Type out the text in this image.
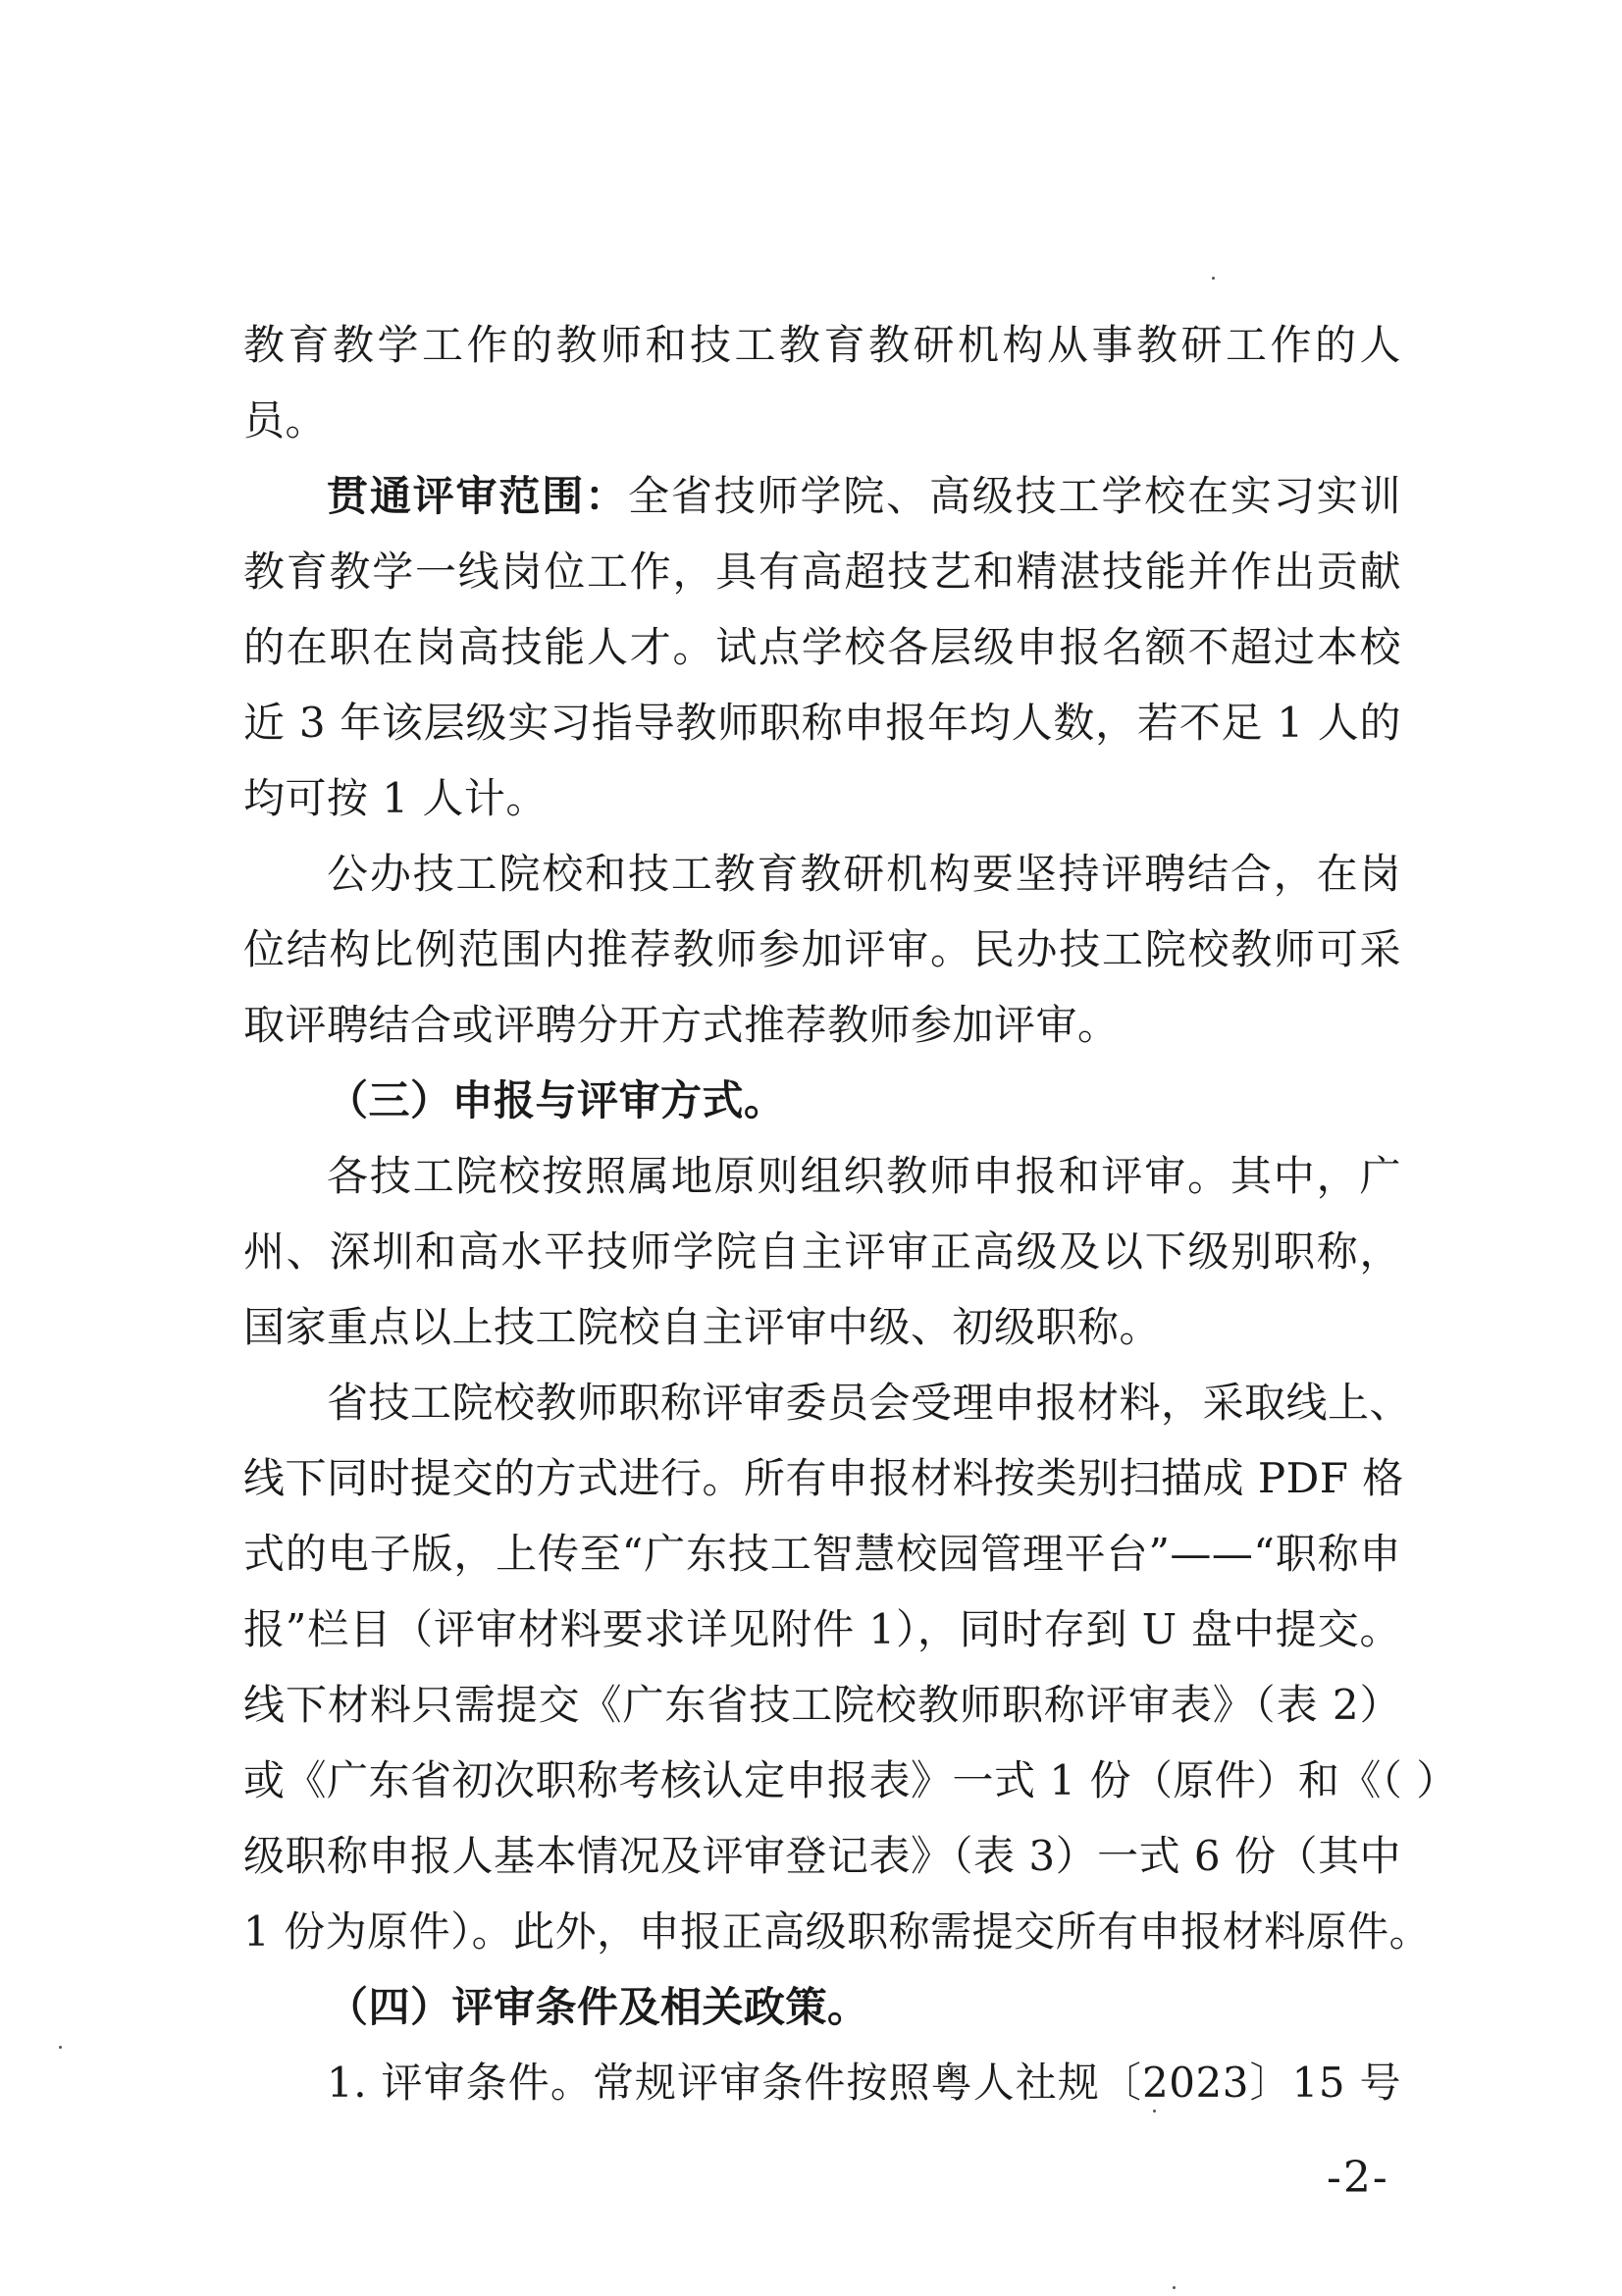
教育教学工作的教师和技工教育教研机构从事教研工作的人
员。
贯通评审范围：全省技师学院、高级技工学校在实习实训
教育教学一线岗位工作，具有高超技艺和精湛技能并作出贡献
的在职在岗高技能人才。试点学校各层级申报名额不超过本校
近 3 年该层级实习指导教师职称申报年均人数，若不足 1 人的
均可按 1 人计。
公办技工院校和技工教育教研机构要坚持评聘结合，在岗
位结构比例范围内推荐教师参加评审。民办技工院校教师可采
取评聘结合或评聘分开方式推荐教师参加评审。
（三）申报与评审方式。
各技工院校按照属地原则组织教师申报和评审。其中，广
州、深圳和高水平技师学院自主评审正高级及以下级别职称，
国家重点以上技工院校自主评审中级、初级职称。
省技工院校教师职称评审委员会受理申报材料，采取线上、
线下同时提交的方式进行。所有申报材料按类别扫描成 PDF 格
式的电子版，上传至“广东技工智慧校园管理平台”——“职称申
报”栏目（评审材料要求详见附件 1），同时存到 U 盘中提交。
线下材料只需提交《广东省技工院校教师职称评审表》（表 2）
或《广东省初次职称考核认定申报表》一式 1 份（原件）和《（ ）
级职称申报人基本情况及评审登记表》（表 3）一式 6 份（其中
1 份为原件）。此外，申报正高级职称需提交所有申报材料原件。
（四）评审条件及相关政策。
1. 评审条件。常规评审条件按照粤人社规〔2023〕15 号
-2-
